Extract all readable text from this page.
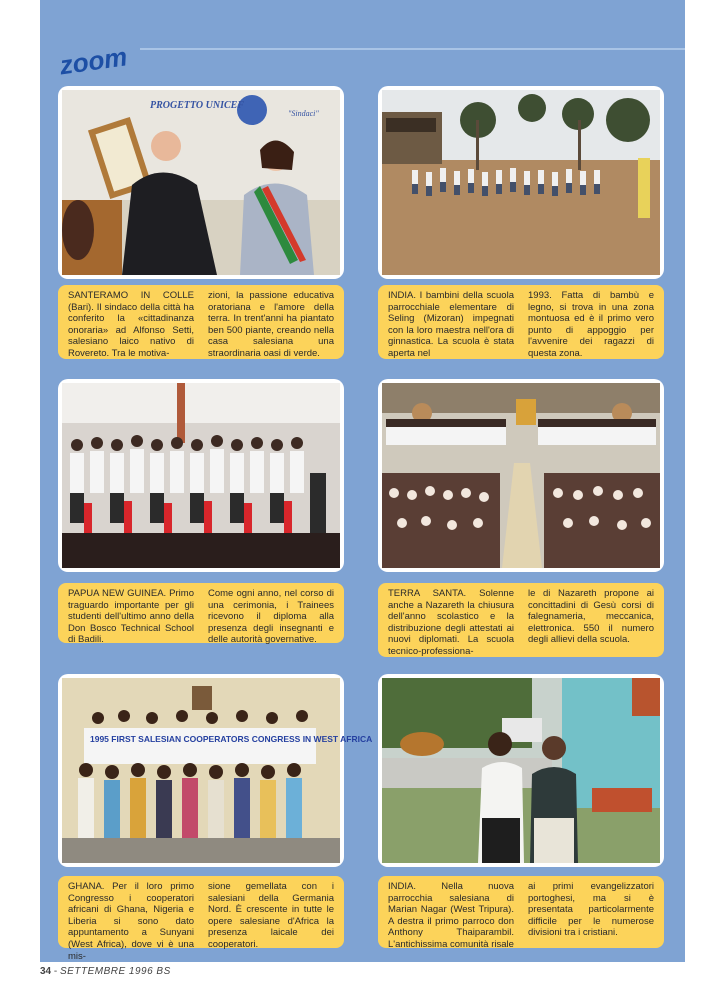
zoom
PROGETTO UNICEF
"Sindaci"
SANTERAMO IN COLLE (Bari). Il sindaco della città ha conferito la «cittadinanza onoraria» ad Alfonso Setti, salesiano laico nativo di Rovereto. Tra le motiva-
zioni, la passione educativa oratoriana e l'amore della terra. In trent'anni ha piantato ben 500 piante, creando nella casa salesiana una straordinaria oasi di verde.
INDIA. I bambini della scuola parrocchiale elementare di Seling (Mizoran) impegnati con la loro maestra nell'ora di ginnastica. La scuola è stata aperta nel
1993. Fatta di bambù e legno, si trova in una zona montuosa ed è il primo vero punto di appoggio per l'avvenire dei ragazzi di questa zona.
PAPUA NEW GUINEA. Primo traguardo importante per gli studenti dell'ultimo anno della Don Bosco Technical School di Badili.
Come ogni anno, nel corso di una cerimonia, i Trainees ricevono il diploma alla presenza degli insegnanti e delle autorità governative.
TERRA SANTA. Solenne anche a Nazareth la chiusura dell'anno scolastico e la distribuzione degli attestati ai nuovi diplomati. La scuola tecnico-professiona-
le di Nazareth propone ai concittadini di Gesù corsi di falegnameria, meccanica, elettronica. 550 il numero degli allievi della scuola.
1995 FIRST SALESIAN COOPERATORS CONGRESS IN WEST AFRICA
GHANA. Per il loro primo Congresso i cooperatori africani di Ghana, Nigeria e Liberia si sono dato appuntamento a Sunyani (West Africa), dove vi è una mis-
sione gemellata con i salesiani della Germania Nord. È crescente in tutte le opere salesiane d'Africa la presenza laicale dei cooperatori.
INDIA. Nella nuova parrocchia salesiana di Marian Nagar (West Tripura). A destra il primo parroco don Anthony Thaiparambil. L'antichissima comunità risale
ai primi evangelizzatori portoghesi, ma si è presentata particolarmente difficile per le numerose divisioni tra i cristiani.
34 - SETTEMBRE 1996 BS
